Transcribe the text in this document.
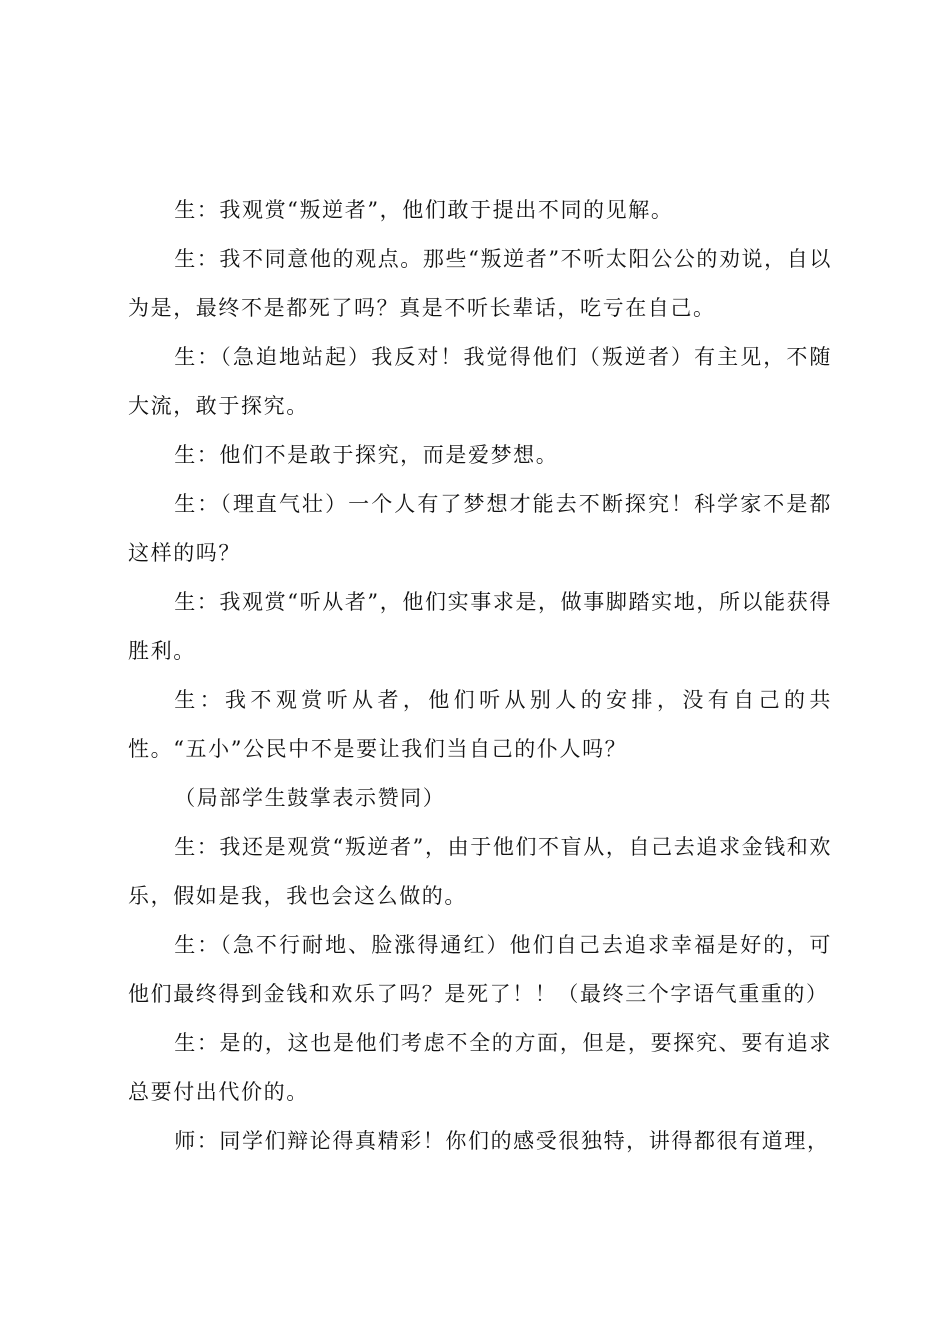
生：我观赏“叛逆者”，他们敢于提出不同的见解。

生：我不同意他的观点。那些“叛逆者”不听太阳公公的劝说，自以为是，最终不是都死了吗？真是不听长辈话，吃亏在自己。

生：（急迫地站起）我反对！我觉得他们（叛逆者）有主见，不随大流，敢于探究。

生：他们不是敢于探究，而是爱梦想。

生：（理直气壮）一个人有了梦想才能去不断探究！科学家不是都这样的吗？

生：我观赏“听从者”，他们实事求是，做事脚踏实地，所以能获得胜利。

生：我不观赏听从者，他们听从别人的安排，没有自己的共性。“五小”公民中不是要让我们当自己的仆人吗？

（局部学生鼓掌表示赞同）

生：我还是观赏“叛逆者”，由于他们不盲从，自己去追求金钱和欢乐，假如是我，我也会这么做的。

生：（急不行耐地、脸涨得通红）他们自己去追求幸福是好的，可他们最终得到金钱和欢乐了吗？是死了！！（最终三个字语气重重的）

生：是的，这也是他们考虑不全的方面，但是，要探究、要有追求总要付出代价的。

师：同学们辩论得真精彩！你们的感受很独特，讲得都很有道理，
